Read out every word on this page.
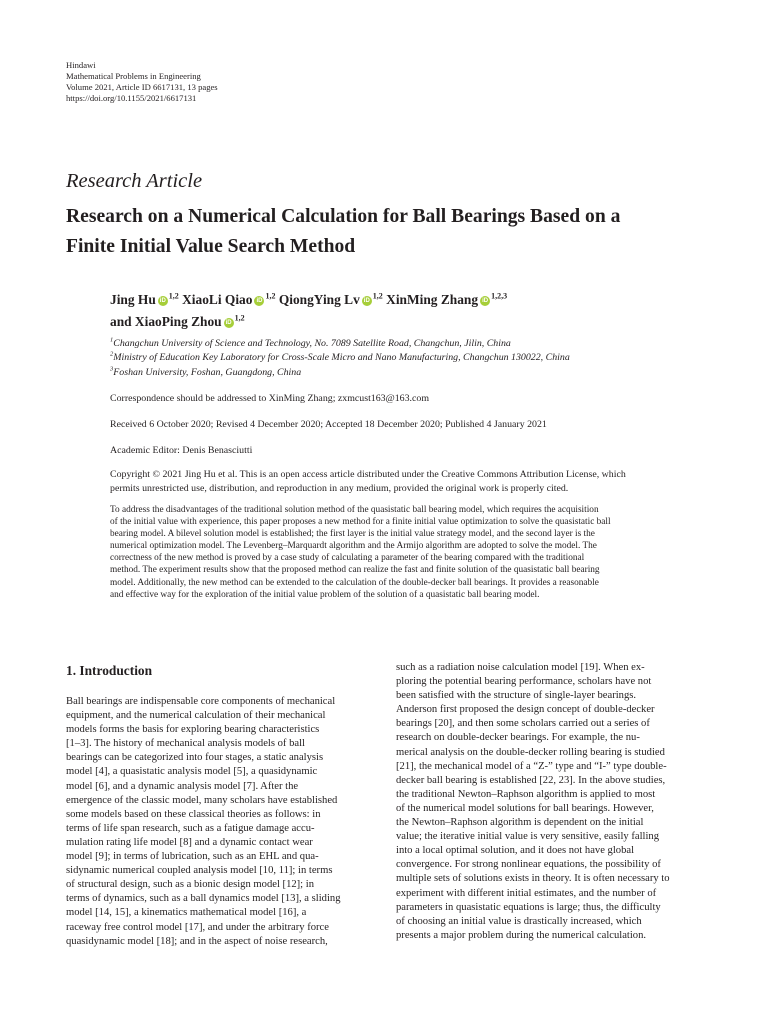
Hindawi
Mathematical Problems in Engineering
Volume 2021, Article ID 6617131, 13 pages
https://doi.org/10.1155/2021/6617131
Research Article
Research on a Numerical Calculation for Ball Bearings Based on a
Finite Initial Value Search Method
Jing Hu iD$^{1,2}$ XiaoLi Qiao iD$^{1,2}$ QiongYing Lv iD$^{1,2}$ XinMing Zhang iD$^{1,2,3}$
and XiaoPing Zhou iD$^{1,2}$
$^1$Changchun University of Science and Technology, No. 7089 Satellite Road, Changchun, Jilin, China
$^2$Ministry of Education Key Laboratory for Cross-Scale Micro and Nano Manufacturing, Changchun 130022, China
$^3$Foshan University, Foshan, Guangdong, China
Correspondence should be addressed to XinMing Zhang; zxmcust163@163.com
Received 6 October 2020; Revised 4 December 2020; Accepted 18 December 2020; Published 4 January 2021
Academic Editor: Denis Benasciutti
Copyright © 2021 Jing Hu et al. This is an open access article distributed under the Creative Commons Attribution License, which
permits unrestricted use, distribution, and reproduction in any medium, provided the original work is properly cited.
To address the disadvantages of the traditional solution method of the quasistatic ball bearing model, which requires the acquisition
of the initial value with experience, this paper proposes a new method for a finite initial value optimization to solve the quasistatic ball
bearing model. A bilevel solution model is established; the first layer is the initial value strategy model, and the second layer is the
numerical optimization model. The Levenberg–Marquardt algorithm and the Armijo algorithm are adopted to solve the model. The
correctness of the new method is proved by a case study of calculating a parameter of the bearing compared with the traditional
method. The experiment results show that the proposed method can realize the fast and finite solution of the quasistatic ball bearing
model. Additionally, the new method can be extended to the calculation of the double-decker ball bearings. It provides a reasonable
and effective way for the exploration of the initial value problem of the solution of a quasistatic ball bearing model.
1. Introduction
Ball bearings are indispensable core components of mechanical
equipment, and the numerical calculation of their mechanical
models forms the basis for exploring bearing characteristics
[1–3]. The history of mechanical analysis models of ball
bearings can be categorized into four stages, a static analysis
model [4], a quasistatic analysis model [5], a quasidynamic
model [6], and a dynamic analysis model [7]. After the
emergence of the classic model, many scholars have established
some models based on these classical theories as follows: in
terms of life span research, such as a fatigue damage accu-
mulation rating life model [8] and a dynamic contact wear
model [9]; in terms of lubrication, such as an EHL and qua-
sidynamic numerical coupled analysis model [10, 11]; in terms
of structural design, such as a bionic design model [12]; in
terms of dynamics, such as a ball dynamics model [13], a sliding
model [14, 15], a kinematics mathematical model [16], a
raceway free control model [17], and under the arbitrary force
quasidynamic model [18]; and in the aspect of noise research,
such as a radiation noise calculation model [19]. When ex-
ploring the potential bearing performance, scholars have not
been satisfied with the structure of single-layer bearings.
Anderson first proposed the design concept of double-decker
bearings [20], and then some scholars carried out a series of
research on double-decker bearings. For example, the nu-
merical analysis on the double-decker rolling bearing is studied
[21], the mechanical model of a “Z-” type and “I-” type double-
decker ball bearing is established [22, 23]. In the above studies,
the traditional Newton–Raphson algorithm is applied to most
of the numerical model solutions for ball bearings. However,
the Newton–Raphson algorithm is dependent on the initial
value; the iterative initial value is very sensitive, easily falling
into a local optimal solution, and it does not have global
convergence. For strong nonlinear equations, the possibility of
multiple sets of solutions exists in theory. It is often necessary to
experiment with different initial estimates, and the number of
parameters in quasistatic equations is large; thus, the difficulty
of choosing an initial value is drastically increased, which
presents a major problem during the numerical calculation.
